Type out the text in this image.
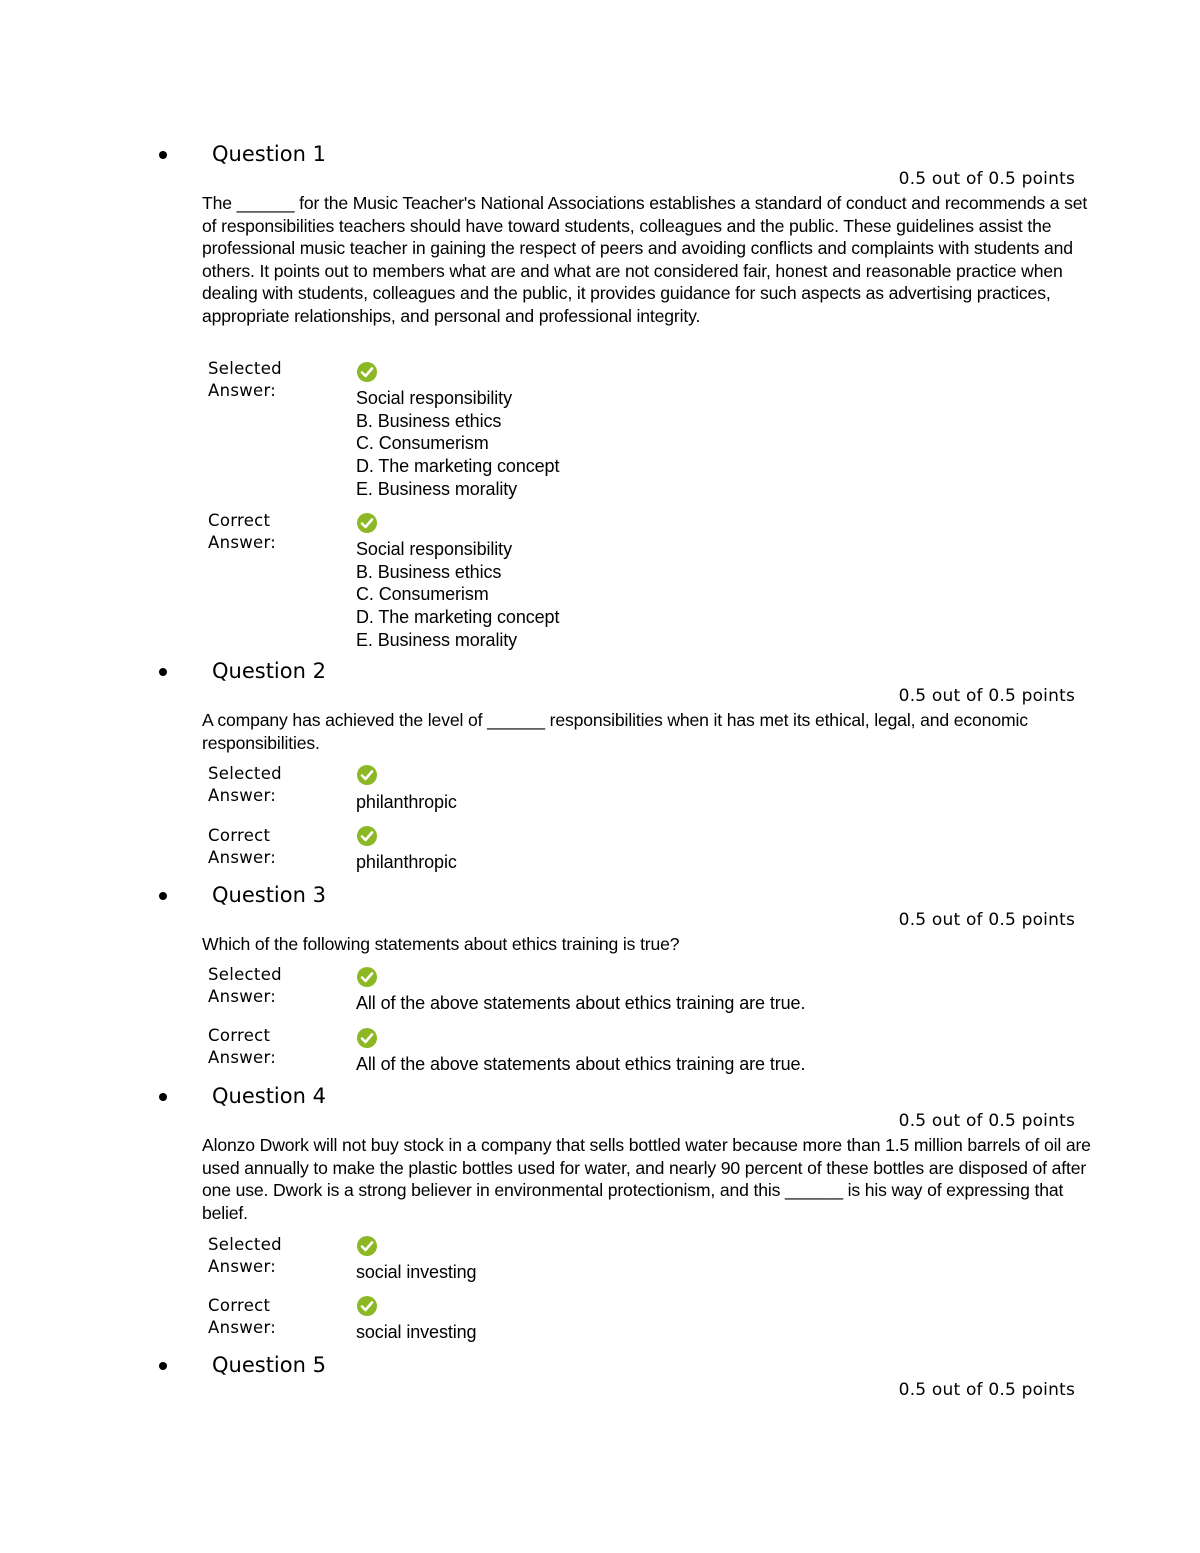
Question 1
0.5 out of 0.5 points
The ______ for the Music Teacher's National Associations establishes a standard of conduct and recommends a set of responsibilities teachers should have toward students, colleagues and the public. These guidelines assist the professional music teacher in gaining the respect of peers and avoiding conflicts and complaints with students and others. It points out to members what are and what are not considered fair, honest and reasonable practice when dealing with students, colleagues and the public, it provides guidance for such aspects as advertising practices, appropriate relationships, and personal and professional integrity.
Selected
Answer:	Social responsibility
B. Business ethics
C. Consumerism
D. The marketing concept
E. Business morality
Correct
Answer:	Social responsibility
B. Business ethics
C. Consumerism
D. The marketing concept
E. Business morality
Question 2
0.5 out of 0.5 points
A company has achieved the level of ______ responsibilities when it has met its ethical, legal, and economic responsibilities.
Selected
Answer:	philanthropic
Correct
Answer:	philanthropic
Question 3
0.5 out of 0.5 points
Which of the following statements about ethics training is true?
Selected
Answer:	All of the above statements about ethics training are true.
Correct
Answer:	All of the above statements about ethics training are true.
Question 4
0.5 out of 0.5 points
Alonzo Dwork will not buy stock in a company that sells bottled water because more than 1.5 million barrels of oil are used annually to make the plastic bottles used for water, and nearly 90 percent of these bottles are disposed of after one use. Dwork is a strong believer in environmental protectionism, and this ______ is his way of expressing that belief.
Selected
Answer:	social investing
Correct
Answer:	social investing
Question 5
0.5 out of 0.5 points
